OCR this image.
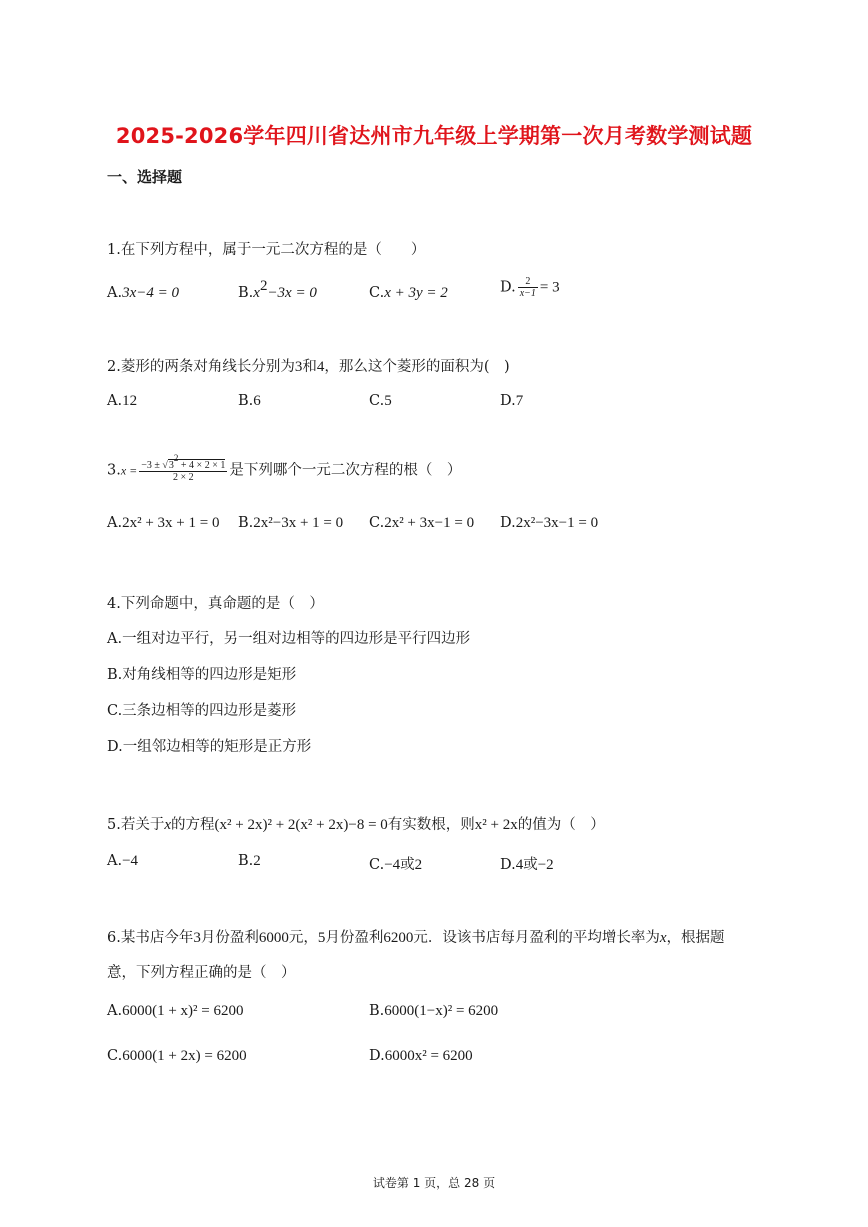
2025-2026学年四川省达州市九年级上学期第一次月考数学测试题
一、选择题
1.在下列方程中，属于一元二次方程的是（　　）
A.3x−4 = 0	$B.x^2-3x = 0$	C.x + 3y = 2	D. $\frac{2}{x-1} = 3$
2.菱形的两条对角线长分别为3和4，那么这个菱形的面积为(　)
A.12	B.6	C.5	D.7
$3.x = \frac{-3 \pm √3^2 + 4 \times 2 \times 1}{2 \times 2}$ 是下列哪个一元二次方程的根（　）
A.2x² + 3x + 1 = 0 B.2x²−3x + 1 = 0 C.2x² + 3x−1 = 0 D.2x²−3x−1 = 0
4.下列命题中，真命题的是（　）
A.一组对边平行，另一组对边相等的四边形是平行四边形
B.对角线相等的四边形是矩形
C.三条边相等的四边形是菱形
D.一组邻边相等的矩形是正方形
5.若关于x的方程(x² + 2x)² + 2(x² + 2x)−8 = 0有实数根，则x² + 2x的值为（　）
A.−4	B.2	C.−4或2	D.4或−2
6.某书店今年3月份盈利6000元，5月份盈利6200元．设该书店每月盈利的平均增长率为x，根据题
意，下列方程正确的是（　）
A.6000(1 + x)² = 6200	B.6000(1−x)² = 6200
C.6000(1 + 2x) = 6200	D.6000x² = 6200
试卷第 1 页，总 28 页
